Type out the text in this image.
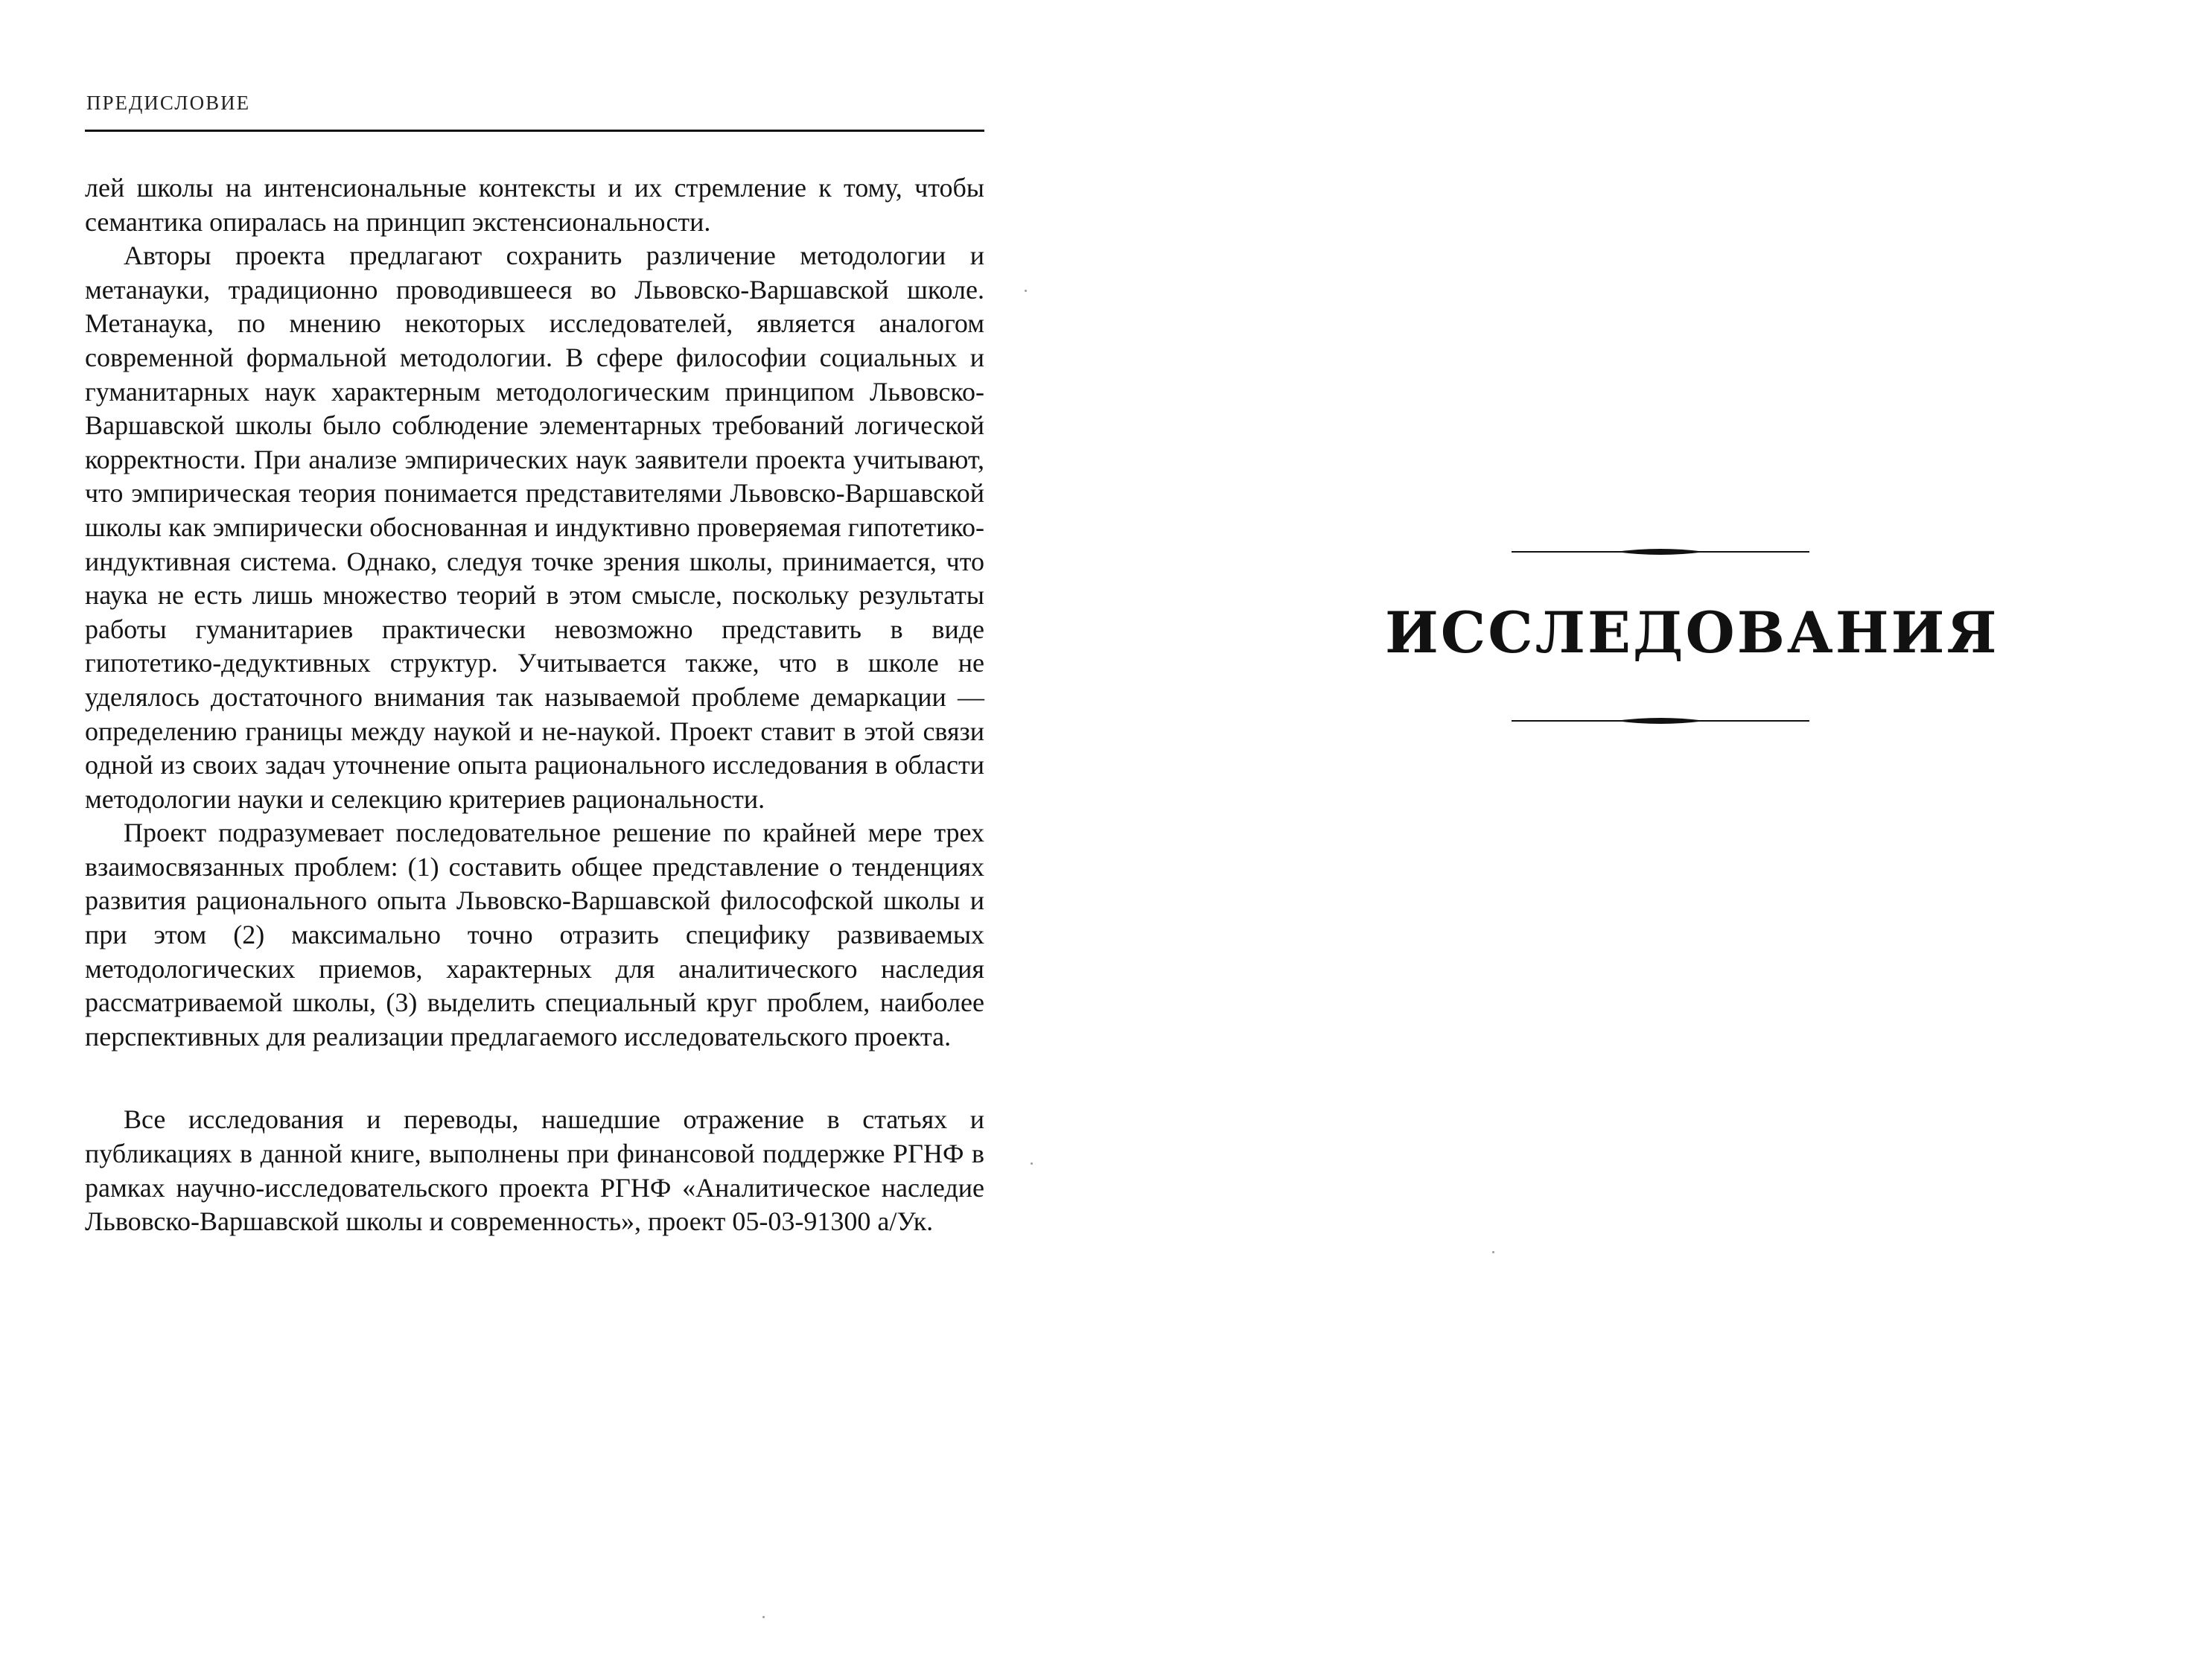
ПРЕДИСЛОВИЕ

лей школы на интенсиональные контексты и их стремление к тому, чтобы семантика опиралась на принцип экстенсиональности.

Авторы проекта предлагают сохранить различение методологии и метанауки, традиционно проводившееся во Львовско-Варшавской школе. Метанаука, по мнению некоторых исследователей, является аналогом современной формальной методологии. В сфере философии социальных и гуманитарных наук характерным методологическим принципом Львовско-Варшавской школы было соблюдение элементарных требований логической корректности. При анализе эмпирических наук заявители проекта учитывают, что эмпирическая теория понимается представителями Львовско-Варшавской школы как эмпирически обоснованная и индуктивно проверяемая гипотетико-индуктивная система. Однако, следуя точке зрения школы, принимается, что наука не есть лишь множество теорий в этом смысле, поскольку результаты работы гуманитариев практически невозможно представить в виде гипотетико-дедуктивных структур. Учитывается также, что в школе не уделялось достаточного внимания так называемой проблеме демаркации — определению границы между наукой и не-наукой. Проект ставит в этой связи одной из своих задач уточнение опыта рационального исследования в области методологии науки и селекцию критериев рациональности.

Проект подразумевает последовательное решение по крайней мере трех взаимосвязанных проблем: (1) составить общее представление о тенденциях развития рационального опыта Львовско-Варшавской философской школы и при этом (2) максимально точно отразить специфику развиваемых методологических приемов, характерных для аналитического наследия рассматриваемой школы, (3) выделить специальный круг проблем, наиболее перспективных для реализации предлагаемого исследовательского проекта.

Все исследования и переводы, нашедшие отражение в статьях и публикациях в данной книге, выполнены при финансовой поддержке РГНФ в рамках научно-исследовательского проекта РГНФ «Аналитическое наследие Львовско-Варшавской школы и современность», проект 05-03-91300 а/Ук.

ИССЛЕДОВАНИЯ
